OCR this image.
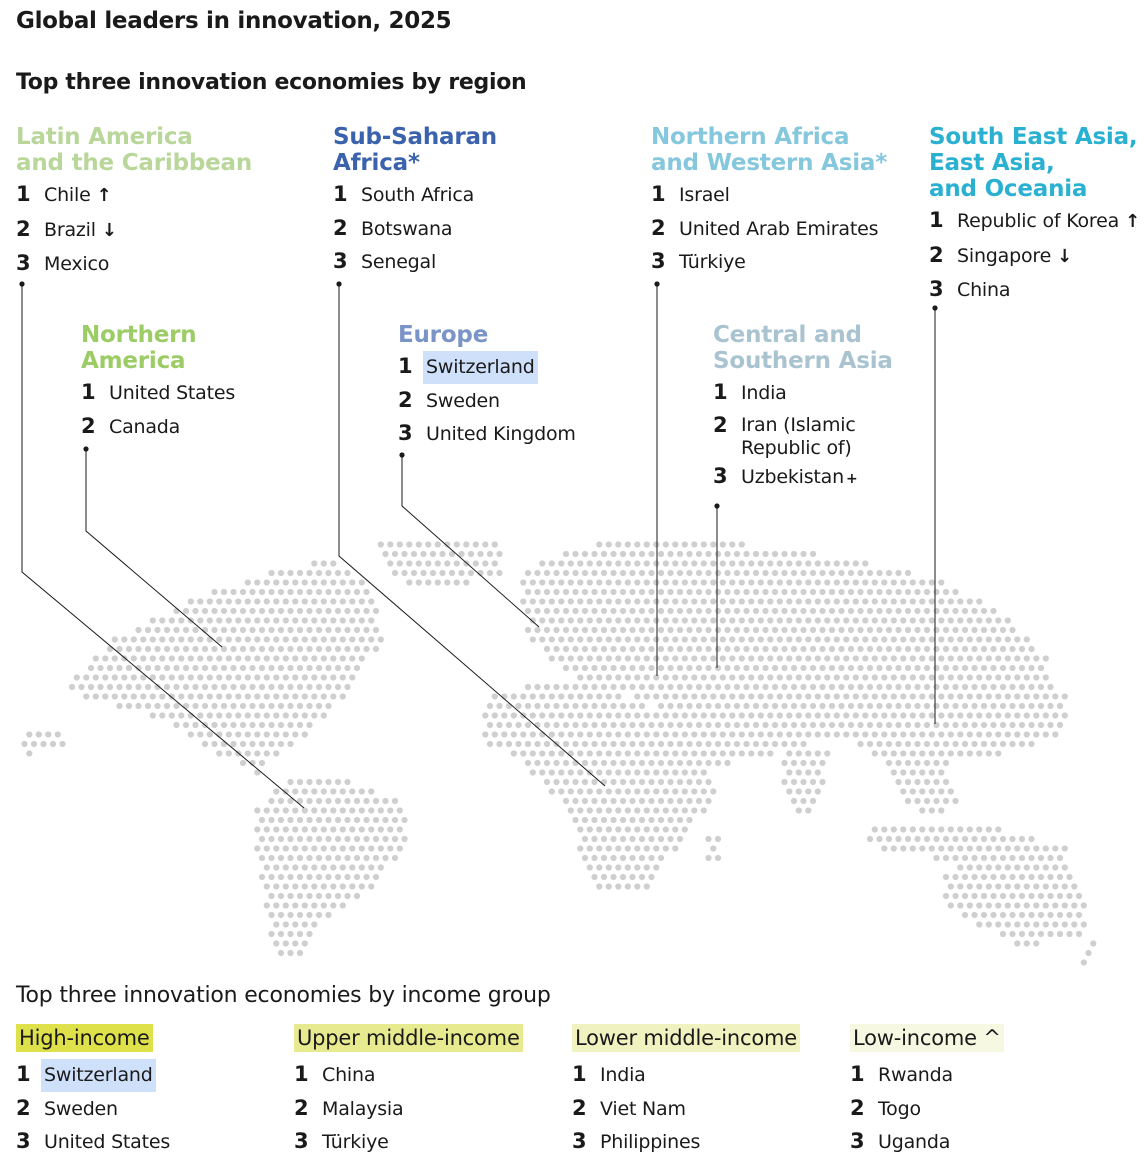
Global leaders in innovation, 2025
Top three innovation economies by region
Latin America
and the Caribbean
1 Chile ↑
2 Brazil ↓
3 Mexico
Sub-Saharan
Africa*
1 South Africa
2 Botswana
3 Senegal
Northern Africa
and Western Asia*
1 Israel
2 United Arab Emirates
3 Türkiye
South East Asia,
East Asia,
and Oceania
1 Republic of Korea ↑
2 Singapore ↓
3 China
Northern
America
1 United States
2 Canada
Europe
1 Switzerland
2 Sweden
3 United Kingdom
Central and
Southern Asia
1 India
2 Iran (Islamic Republic of)
3 Uzbekistan +
Top three innovation economies by income group
High-income
1 Switzerland
2 Sweden
3 United States
Upper middle-income
1 China
2 Malaysia
3 Türkiye
Lower middle-income
1 India
2 Viet Nam
3 Philippines
Low-income ^
1 Rwanda
2 Togo
3 Uganda
